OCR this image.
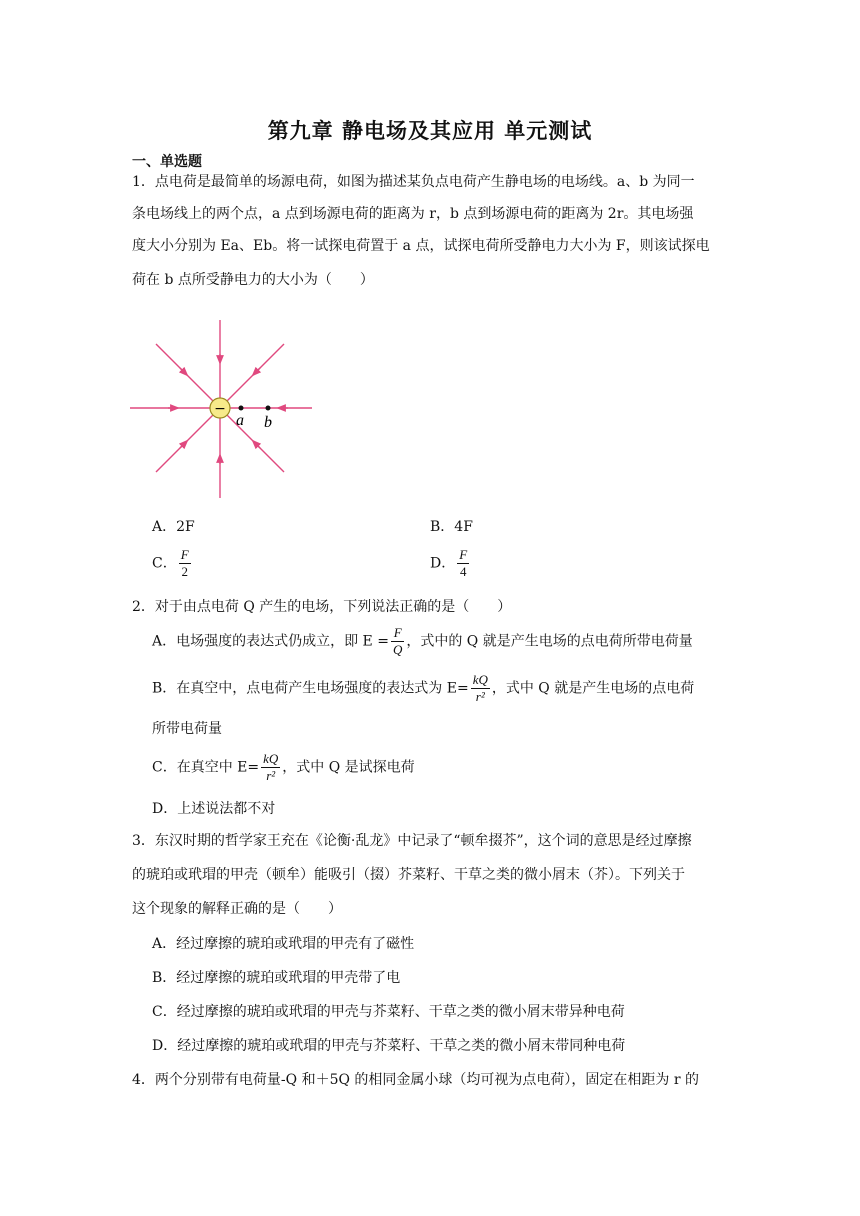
第九章 静电场及其应用 单元测试
一、单选题
1．点电荷是最简单的场源电荷，如图为描述某负点电荷产生静电场的电场线。a、b 为同一
条电场线上的两个点，a 点到场源电荷的距离为 r，b 点到场源电荷的距离为 2r。其电场强
度大小分别为 Ea、Eb。将一试探电荷置于 a 点，试探电荷所受静电力大小为 F，则该试探电
荷在 b 点所受静电力的大小为（　　）
−
a b
A．2F	B．4F
C． $\frac{F}{2}$	D． $\frac{F}{4}$
2．对于由点电荷 Q 产生的电场，下列说法正确的是（　　）
A．电场强度的表达式仍成立，即 $E = \frac{F}{Q}$ ，式中的 Q 就是产生电场的点电荷所带电荷量
B．在真空中，点电荷产生电场强度的表达式为 $E= \frac{kQ}{\text{r²}}$ ，式中 Q 就是产生电场的点电荷
所带电荷量
C．在真空中 $E= \frac{kQ}{\text{r²}}$ ，式中 Q 是试探电荷
D．上述说法都不对
3．东汉时期的哲学家王充在《论衡·乱龙》中记录了“顿牟掇芥”，这个词的意思是经过摩擦
的琥珀或玳瑁的甲壳（顿牟）能吸引（掇）芥菜籽、干草之类的微小屑末（芥）。下列关于
这个现象的解释正确的是（　　）
A．经过摩擦的琥珀或玳瑁的甲壳有了磁性
B．经过摩擦的琥珀或玳瑁的甲壳带了电
C．经过摩擦的琥珀或玳瑁的甲壳与芥菜籽、干草之类的微小屑末带异种电荷
D．经过摩擦的琥珀或玳瑁的甲壳与芥菜籽、干草之类的微小屑末带同种电荷
4．两个分别带有电荷量-Q 和＋5Q 的相同金属小球（均可视为点电荷），固定在相距为 r 的
